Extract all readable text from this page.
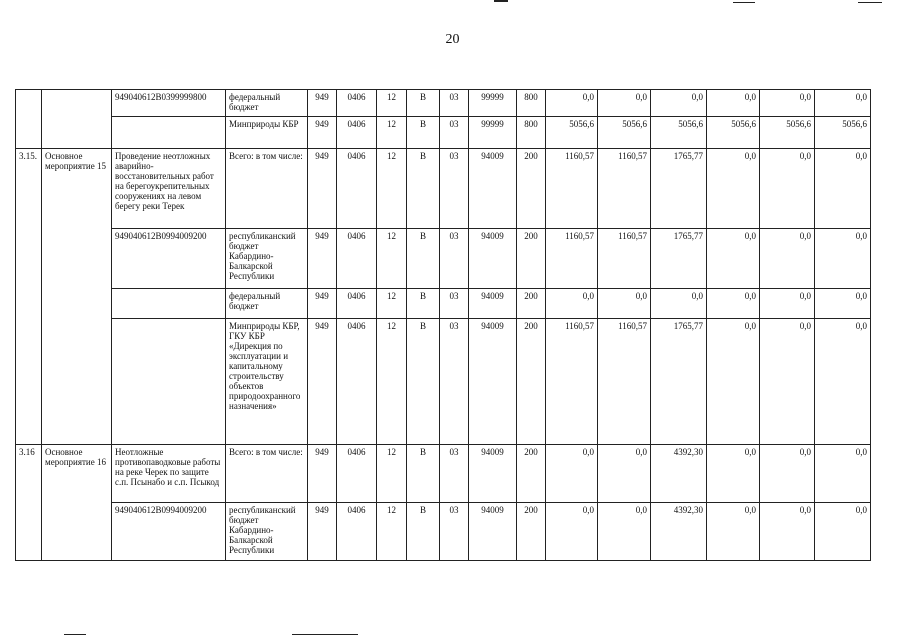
20
		949040612B0399999800	федеральный бюджет	949	0406	12	В	03	99999	800	0,0	0,0	0,0	0,0	0,0	0,0
			Минприроды КБР	949	0406	12	В	03	99999	800	5056,6	5056,6	5056,6	5056,6	5056,6	5056,6
3.15.	Основное мероприятие 15	Проведение неотложных аварийно-восстановительных работ на берегоукрепительных сооружениях на левом берегу реки Терек	Всего: в том числе:	949	0406	12	В	03	94009	200	1160,57	1160,57	1765,77	0,0	0,0	0,0
		949040612B0994009200	республиканский бюджет Кабардино-Балкарской Республики	949	0406	12	В	03	94009	200	1160,57	1160,57	1765,77	0,0	0,0	0,0
			федеральный бюджет	949	0406	12	В	03	94009	200	0,0	0,0	0,0	0,0	0,0	0,0
			Минприроды КБР, ГКУ КБР «Дирекция по эксплуатации и капитальному строительству объектов природоохранного назначения»	949	0406	12	В	03	94009	200	1160,57	1160,57	1765,77	0,0	0,0	0,0
3.16	Основное мероприятие 16	Неотложные противопаводковые работы на реке Черек по защите с.п. Псынабо и с.п. Псыкод	Всего: в том числе:	949	0406	12	В	03	94009	200	0,0	0,0	4392,30	0,0	0,0	0,0
		949040612B0994009200	республиканский бюджет Кабардино-Балкарской Республики	949	0406	12	В	03	94009	200	0,0	0,0	4392,30	0,0	0,0	0,0
